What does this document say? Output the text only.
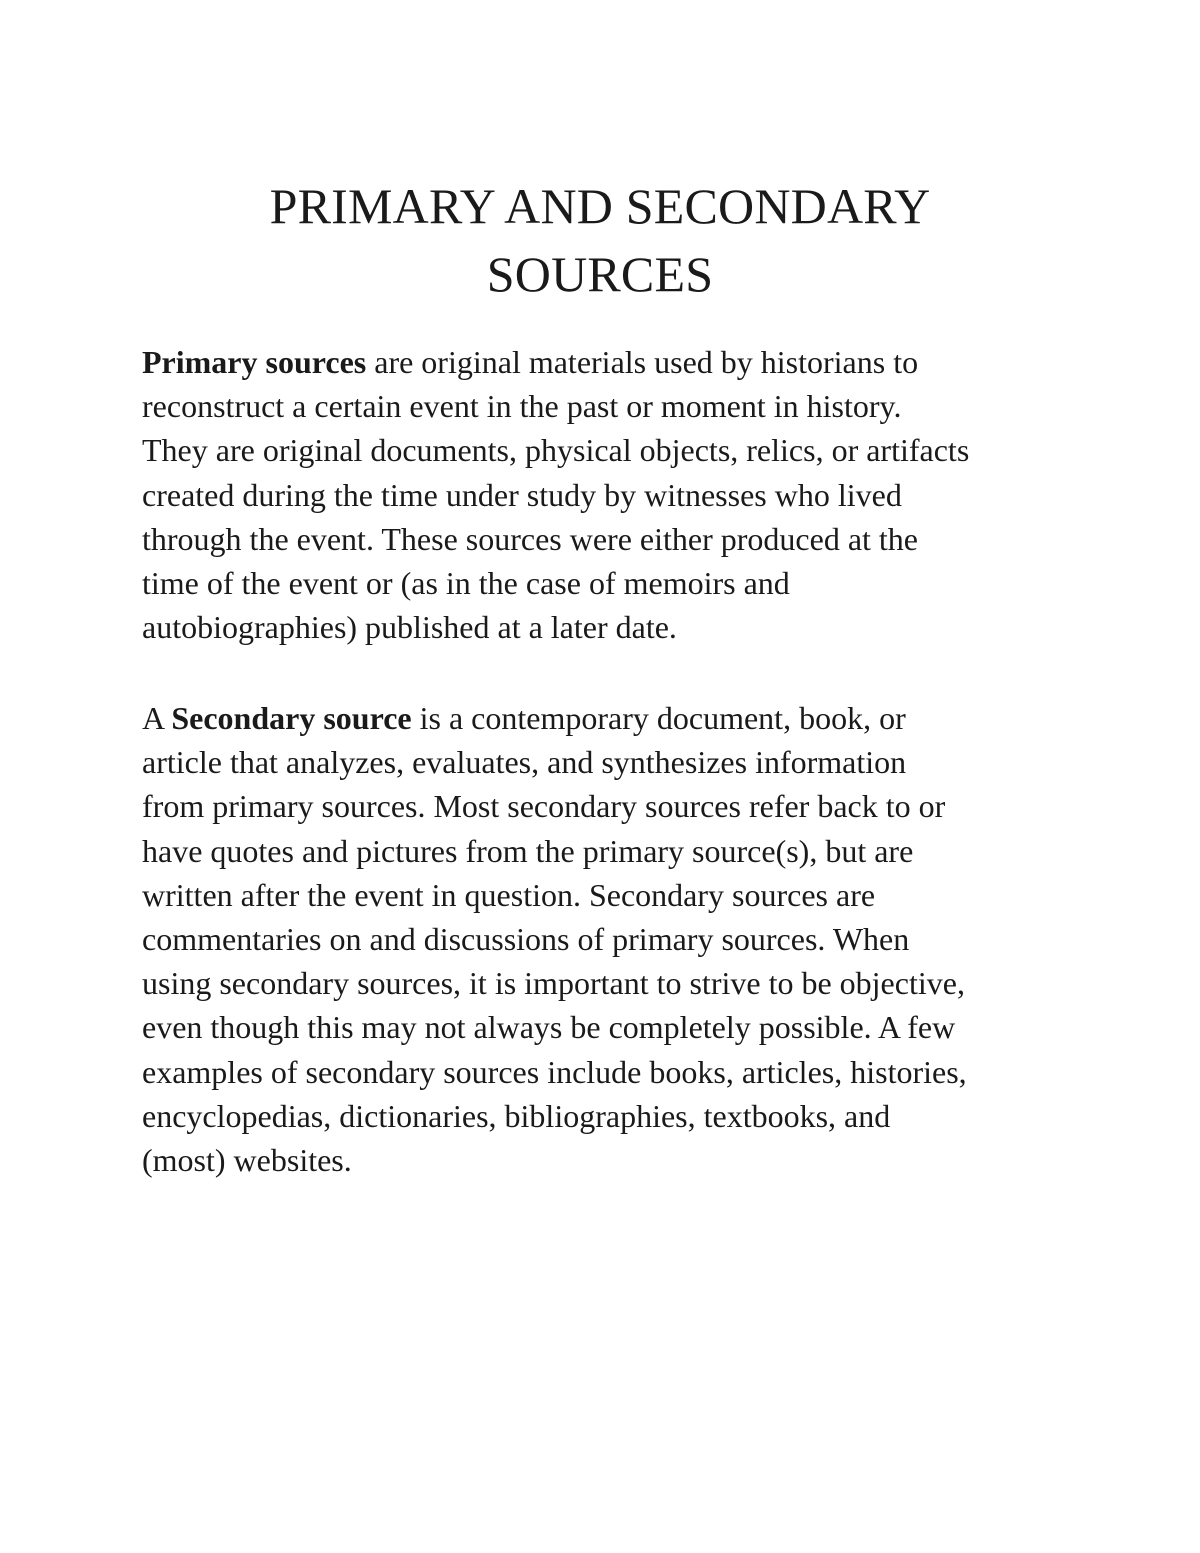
PRIMARY AND SECONDARY
SOURCES

Primary sources are original materials used by historians to
reconstruct a certain event in the past or moment in history.
They are original documents, physical objects, relics, or artifacts
created during the time under study by witnesses who lived
through the event. These sources were either produced at the
time of the event or (as in the case of memoirs and
autobiographies) published at a later date.

A Secondary source is a contemporary document, book, or
article that analyzes, evaluates, and synthesizes information
from primary sources. Most secondary sources refer back to or
have quotes and pictures from the primary source(s), but are
written after the event in question. Secondary sources are
commentaries on and discussions of primary sources. When
using secondary sources, it is important to strive to be objective,
even though this may not always be completely possible. A few
examples of secondary sources include books, articles, histories,
encyclopedias, dictionaries, bibliographies, textbooks, and
(most) websites.
